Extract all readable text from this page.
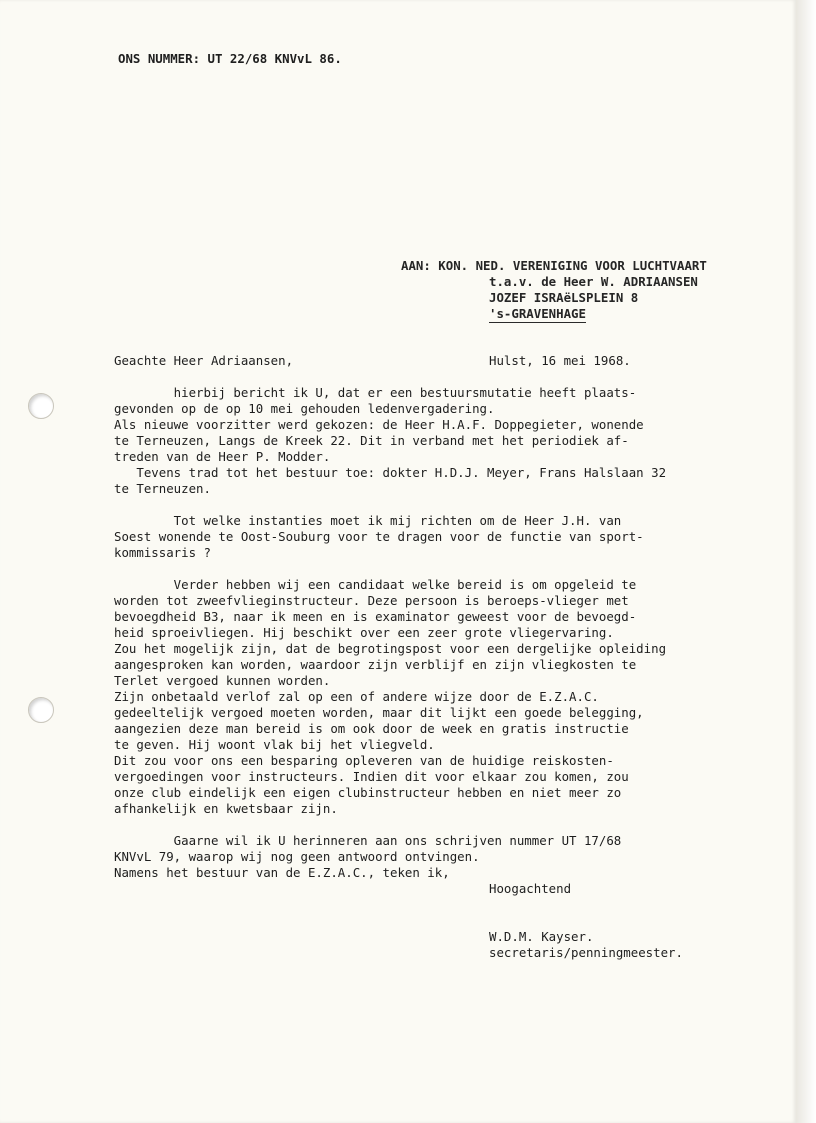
ONS NUMMER: UT 22/68 KNVvL 86.
AAN: KON. NED. VERENIGING VOOR LUCHTVAART
t.a.v. de Heer W. ADRIAANSEN
JOZEF ISRAëLSPLEIN 8
's-GRAVENHAGE
Geachte Heer Adriaansen,	Hulst, 16 mei 1968.
hierbij bericht ik U, dat er een bestuursmutatie heeft plaats-
gevonden op de op 10 mei gehouden ledenvergadering.
Als nieuwe voorzitter werd gekozen: de Heer H.A.F. Doppegieter, wonende
te Terneuzen, Langs de Kreek 22. Dit in verband met het periodiek af-
treden van de Heer P. Modder.
Tevens trad tot het bestuur toe: dokter H.D.J. Meyer, Frans Halslaan 32
te Terneuzen.
Tot welke instanties moet ik mij richten om de Heer J.H. van
Soest wonende te Oost-Souburg voor te dragen voor de functie van sport-
kommissaris ?
Verder hebben wij een candidaat welke bereid is om opgeleid te
worden tot zweefvlieginstructeur. Deze persoon is beroeps-vlieger met
bevoegdheid B3, naar ik meen en is examinator geweest voor de bevoegd-
heid sproeivliegen. Hij beschikt over een zeer grote vliegervaring.
Zou het mogelijk zijn, dat de begrotingspost voor een dergelijke opleiding
aangesproken kan worden, waardoor zijn verblijf en zijn vliegkosten te
Terlet vergoed kunnen worden.
Zijn onbetaald verlof zal op een of andere wijze door de E.Z.A.C.
gedeeltelijk vergoed moeten worden, maar dit lijkt een goede belegging,
aangezien deze man bereid is om ook door de week en gratis instructie
te geven. Hij woont vlak bij het vliegveld.
Dit zou voor ons een besparing opleveren van de huidige reiskosten-
vergoedingen voor instructeurs. Indien dit voor elkaar zou komen, zou
onze club eindelijk een eigen clubinstructeur hebben en niet meer zo
afhankelijk en kwetsbaar zijn.
Gaarne wil ik U herinneren aan ons schrijven nummer UT 17/68
KNVvL 79, waarop wij nog geen antwoord ontvingen.
Namens het bestuur van de E.Z.A.C., teken ik,
Hoogachtend
W.D.M. Kayser.
secretaris/penningmeester.
